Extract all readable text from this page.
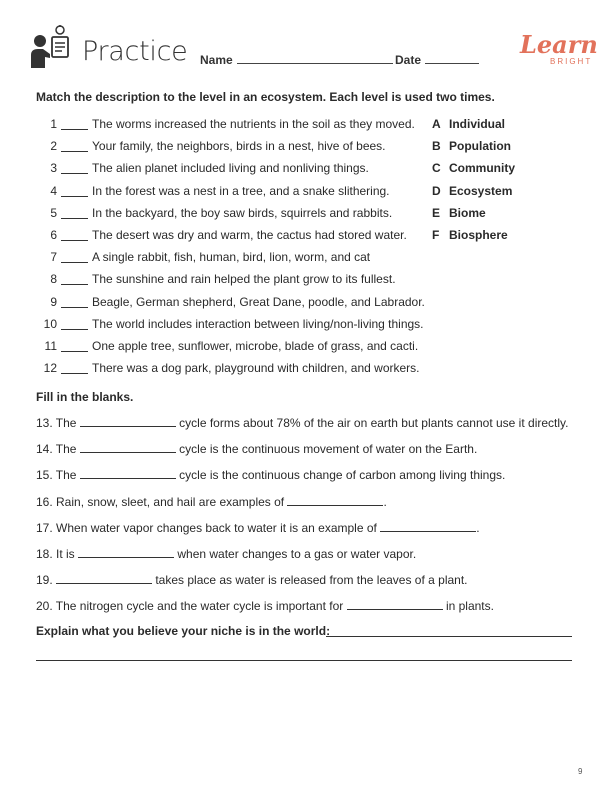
Practice Name	Date
Learn
BRIGHT
Match the description to the level in an ecosystem. Each level is used two times.
1	The worms increased the nutrients in the soil as they moved.
2	Your family, the neighbors, birds in a nest, hive of bees.
3	The alien planet included living and nonliving things.
4	In the forest was a nest in a tree, and a snake slithering.
5	In the backyard, the boy saw birds, squirrels and rabbits.
6	The desert was dry and warm, the cactus had stored water.
7	A single rabbit, fish, human, bird, lion, worm, and cat
8	The sunshine and rain helped the plant grow to its fullest.
9	Beagle, German shepherd, Great Dane, poodle, and Labrador.
10	The world includes interaction between living/non-living things.
11	One apple tree, sunflower, microbe, blade of grass, and cacti.
12	There was a dog park, playground with children, and workers.
A Individual
B Population
C Community
D Ecosystem
E Biome
F Biosphere
Fill in the blanks.
13. The	cycle forms about 78% of the air on earth but plants cannot use it directly.
14. The	cycle is the continuous movement of water on the Earth.
15. The	cycle is the continuous change of carbon among living things.
16. Rain, snow, sleet, and hail are examples of	.
17. When water vapor changes back to water it is an example of	.
18. It is	when water changes to a gas or water vapor.
19.	takes place as water is released from the leaves of a plant.
20. The nitrogen cycle and the water cycle is important for	in plants.
Explain what you believe your niche is in the world:
9
